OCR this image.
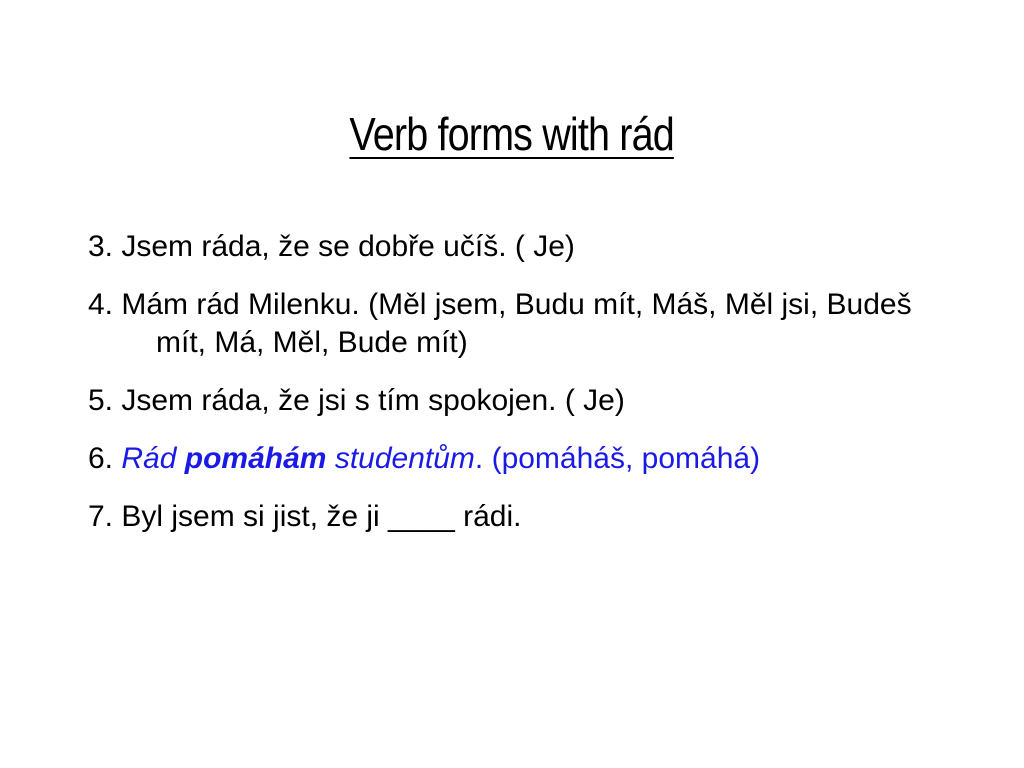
Verb forms with rád
3. Jsem ráda, že se dobře učíš. ( Je)
4. Mám rád Milenku. (Měl jsem, Budu mít, Máš, Měl jsi, Budeš mít, Má, Měl, Bude mít)
5. Jsem ráda, že jsi s tím spokojen. ( Je)
6. Rád pomáhám studentům. (pomáháš, pomáhá)
7. Byl jsem si jist, že ji ____ rádi.
